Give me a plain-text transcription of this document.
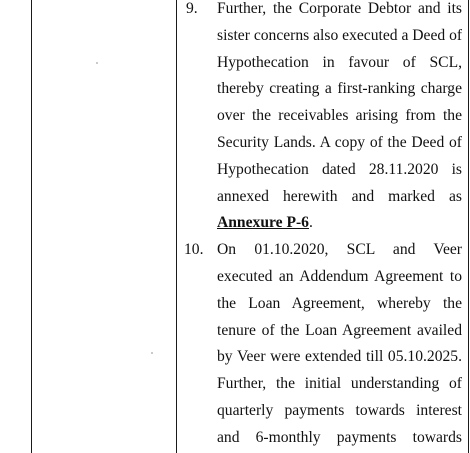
9.	Further, the Corporate Debtor and its
sister concerns also executed a Deed of
Hypothecation in favour of SCL,
thereby creating a first-ranking charge
over the receivables arising from the
Security Lands. A copy of the Deed of
Hypothecation dated 28.11.2020 is
annexed herewith and marked as
Annexure P-6.
10. On 01.10.2020, SCL and Veer
executed an Addendum Agreement to
the Loan Agreement, whereby the
tenure of the Loan Agreement availed
by Veer were extended till 05.10.2025.
Further, the initial understanding of
quarterly payments towards interest
and 6-monthly payments towards
